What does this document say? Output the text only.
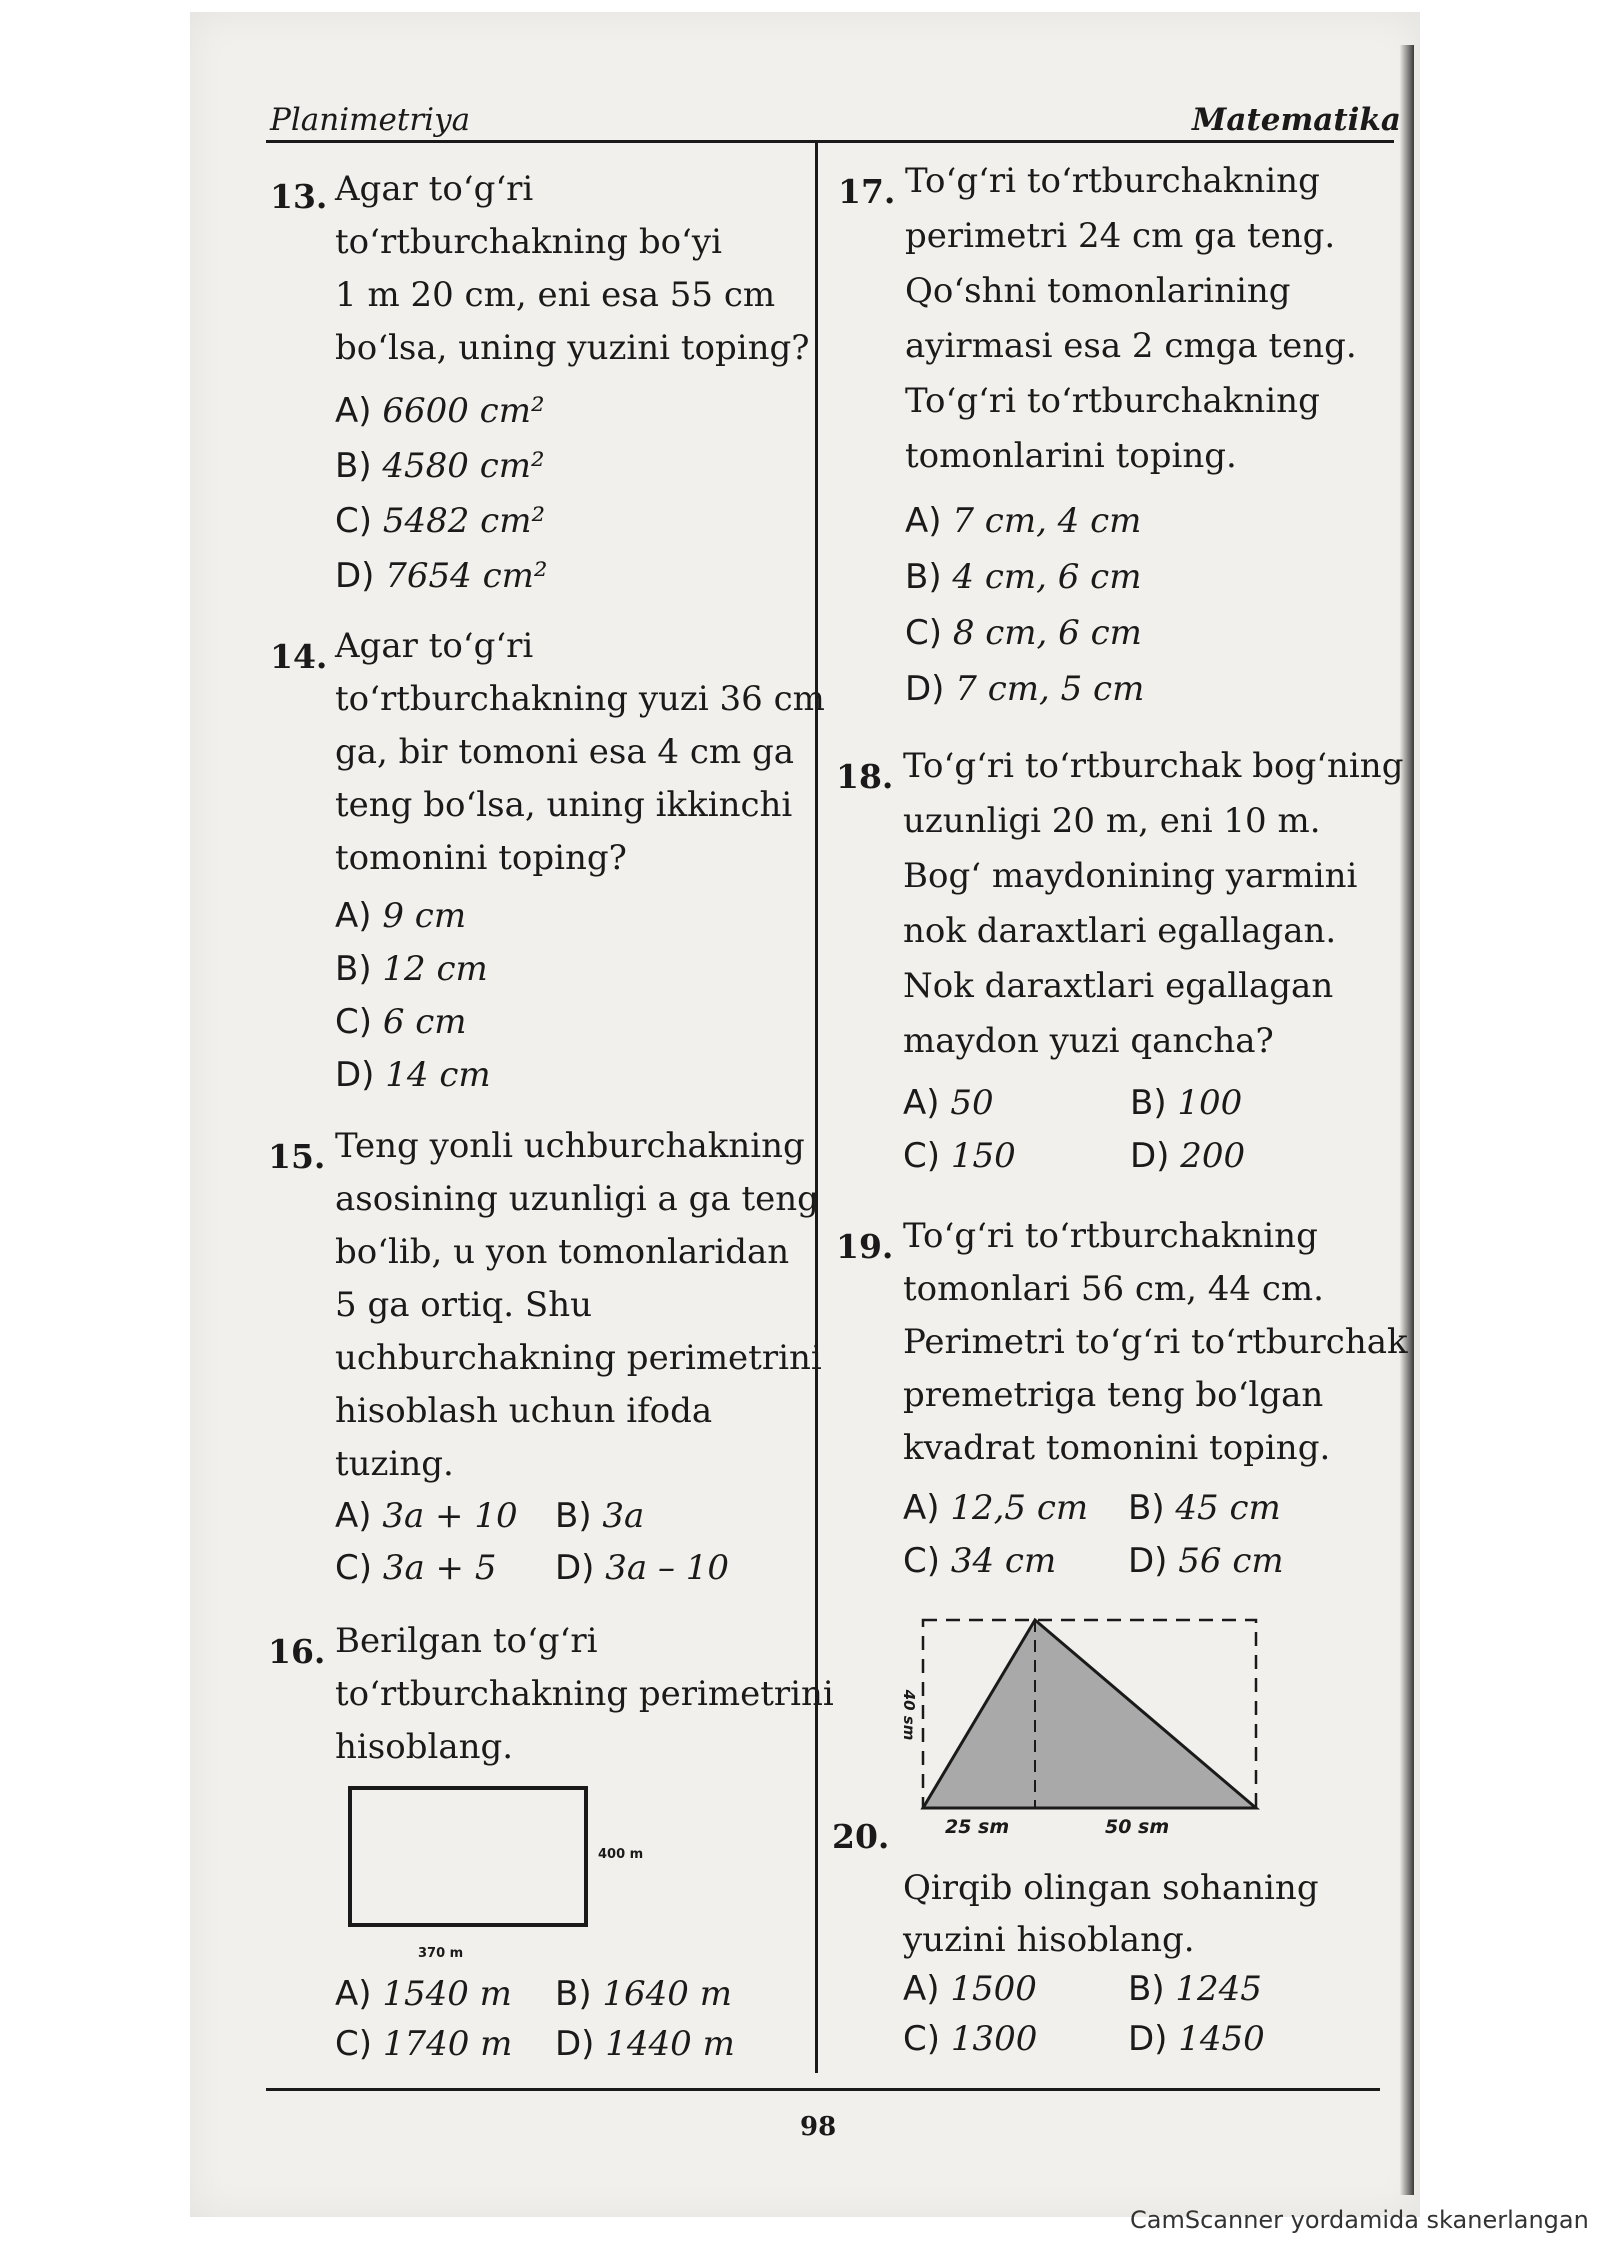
Planimetriya	Matematika
13. Agar to‘g‘ri
to‘rtburchakning bo‘yi
1 m 20 cm, eni esa 55 cm
bo‘lsa, uning yuzini toping?
A) 6600 cm²
B) 4580 cm²
C) 5482 cm²
D) 7654 cm²
14. Agar to‘g‘ri
to‘rtburchakning yuzi 36 cm
ga, bir tomoni esa 4 cm ga
teng bo‘lsa, uning ikkinchi
tomonini toping?
A) 9 cm
B) 12 cm
C) 6 cm
D) 14 cm
15. Teng yonli uchburchakning
asosining uzunligi a ga teng
bo‘lib, u yon tomonlaridan
5 ga ortiq. Shu
uchburchakning perimetrini
hisoblash uchun ifoda
tuzing.
A) 3a + 10 B) 3a
C) 3a + 5 D) 3a – 10
16. Berilgan to‘g‘ri
to‘rtburchakning perimetrini
hisoblang.
400 m
370 m
A) 1540 m B) 1640 m
C) 1740 m D) 1440 m
17. To‘g‘ri to‘rtburchakning
perimetri 24 cm ga teng.
Qo‘shni tomonlarining
ayirmasi esa 2 cmga teng.
To‘g‘ri to‘rtburchakning
tomonlarini toping.
A) 7 cm, 4 cm
B) 4 cm, 6 cm
C) 8 cm, 6 cm
D) 7 cm, 5 cm
18. To‘g‘ri to‘rtburchak bog‘ning
uzunligi 20 m, eni 10 m.
Bog‘ maydonining yarmini
nok daraxtlari egallagan.
Nok daraxtlari egallagan
maydon yuzi qancha?
A) 50	B) 100
C) 150	D) 200
19. To‘g‘ri to‘rtburchakning
tomonlari 56 cm, 44 cm.
Perimetri to‘g‘ri to‘rtburchak
premetriga teng bo‘lgan
kvadrat tomonini toping.
A) 12,5 cm B) 45 cm
C) 34 cm D) 56 cm
40 sm
25 sm	50 sm
20.
Qirqib olingan sohaning
yuzini hisoblang.
A) 1500	B) 1245
C) 1300	D) 1450
98
CamScanner yordamida skanerlangan
